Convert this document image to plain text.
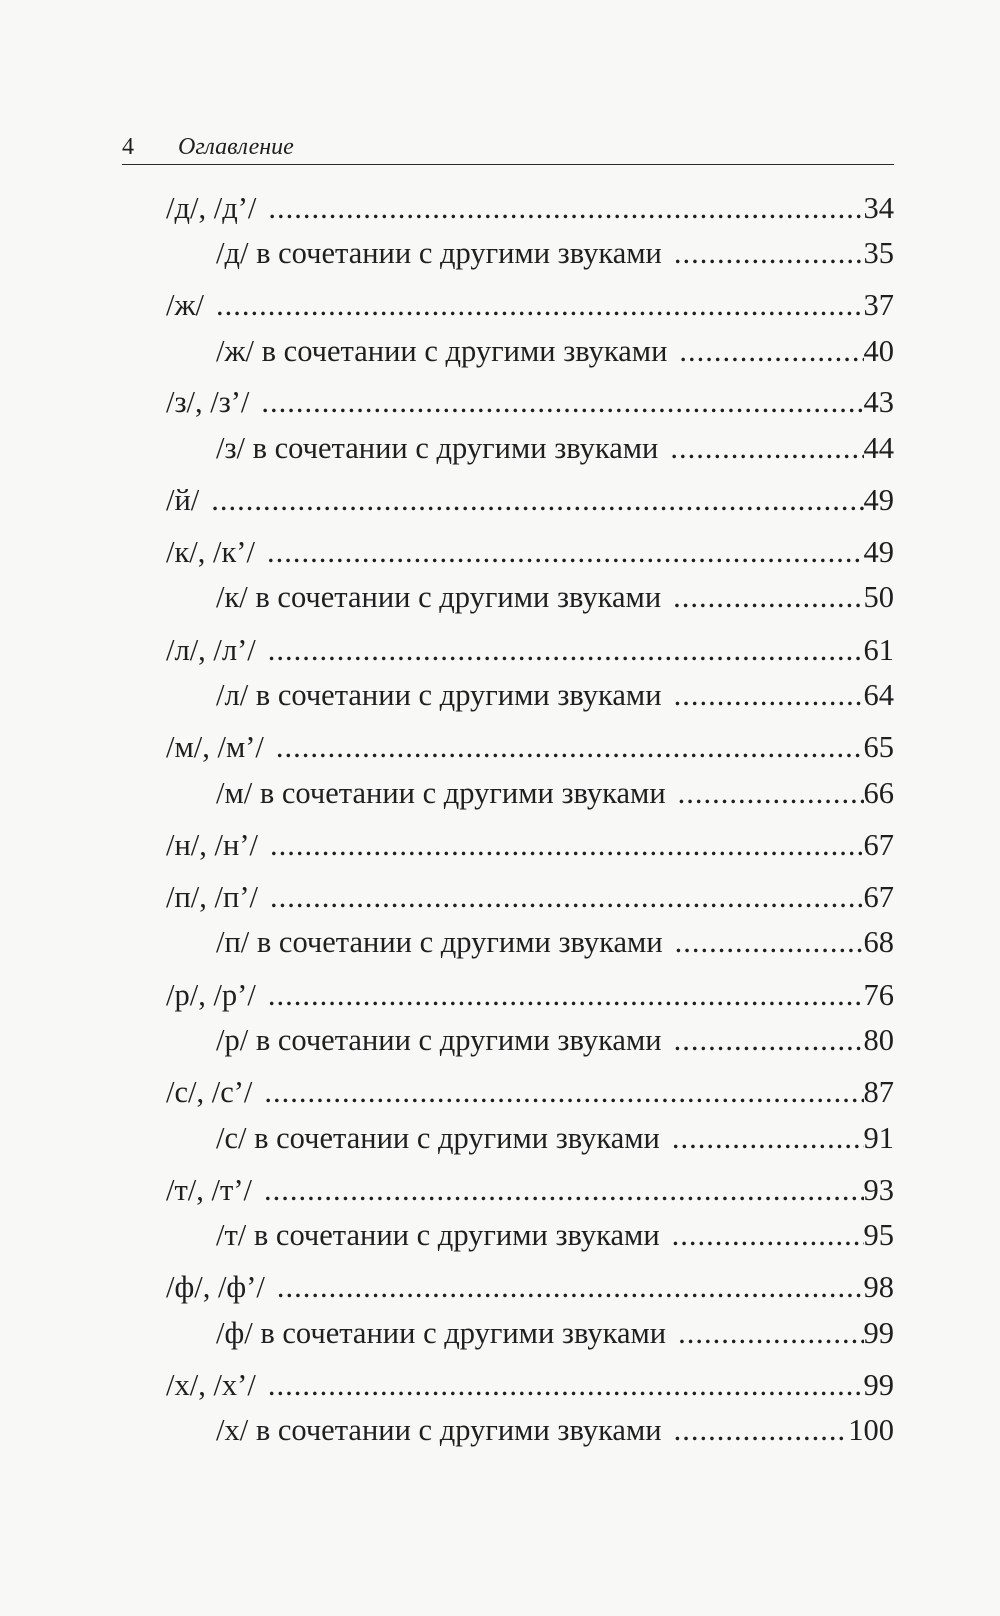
4 Оглавление
/д/, /д’/ .....	34
/д/ в сочетании с другими звуками .....	35
/ж/ .....	37
/ж/ в сочетании с другими звуками .....	40
/з/, /з’/ .....	43
/з/ в сочетании с другими звуками .....	44
/й/ .....	49
/к/, /к’/ .....	49
/к/ в сочетании с другими звуками .....	50
/л/, /л’/ .....	61
/л/ в сочетании с другими звуками .....	64
/м/, /м’/ .....	65
/м/ в сочетании с другими звуками .....	66
/н/, /н’/ .....	67
/п/, /п’/ .....	67
/п/ в сочетании с другими звуками .....	68
/р/, /р’/ .....	76
/р/ в сочетании с другими звуками .....	80
/с/, /с’/ .....	87
/с/ в сочетании с другими звуками .....	91
/т/, /т’/ .....	93
/т/ в сочетании с другими звуками .....	95
/ф/, /ф’/ .....	98
/ф/ в сочетании с другими звуками .....	99
/х/, /х’/ .....	99
/х/ в сочетании с другими звуками .....	100
